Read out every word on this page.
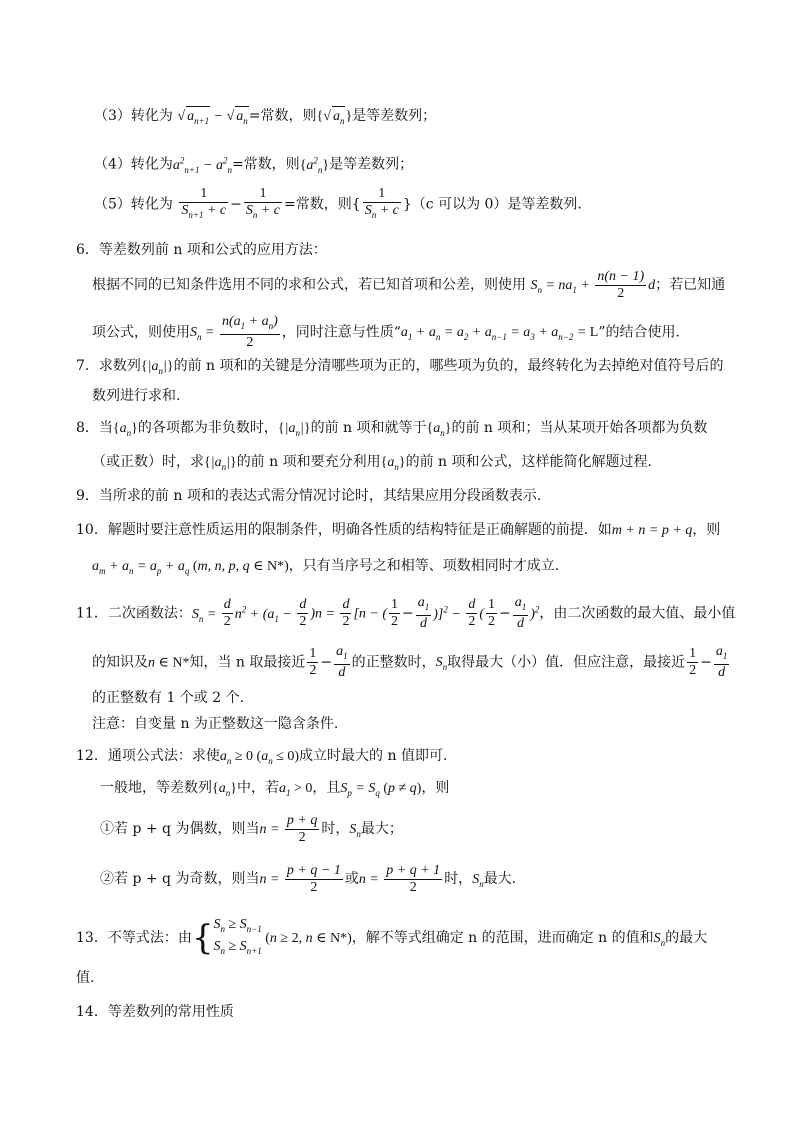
（3）转化为 √ $a_{n+1}$ − √ $a_n=$常数，则{√ $a_n$}是等差数列；
（4）转化为$a^2_{n+1} - a^2_n=$常数，则$\{a^2_n\}$是等差数列；
（5）转化为 $\frac{1}{S_{n+1} + c} - \frac{1}{S_n + c}$ =常数，则{ $\frac{1}{S_n + c} \}(c$ 可以为 0）是等差数列.
6．等差数列前 n 项和公式的应用方法：
根据不同的已知条件选用不同的求和公式，若已知首项和公差，则使用 $S_n = na_1 + \frac{n(n - 1)}{2}$ d；若已知通
项公式，则使用$S_n = \frac{n(a_1 + a_n)}{2}$ ，同时注意与性质“$a_1 + a_n = a_2 + a_{n-1} = a_3 + a_{n-2} = L$”的结合使用.
7．求数列$\{|a_n|\}$的前 n 项和的关键是分清哪些项为正的，哪些项为负的，最终转化为去掉绝对值符号后的
数列进行求和.
8．当$\{a_n\}$的各项都为非负数时，$\{|a_n|\}$的前 n 项和就等于$\{a_n\}$的前 n 项和；当从某项开始各项都为负数
（或正数）时，求$\{|a_n|\}$的前 n 项和要充分利用$\{a_n\}$的前 n 项和公式，这样能简化解题过程.
9．当所求的前 n 项和的表达式需分情况讨论时，其结果应用分段函数表示.
10．解题时要注意性质运用的限制条件，明确各性质的结构特征是正确解题的前提．如m + n = p + q，则
$a_m + a_n = a_p + a_q$ (m, n, p, q ∈ N*)，只有当序号之和相等、项数相同时才成立.
11．二次函数法：$S_n = \frac{d}{2} n^2 + (a_1 - \frac{d}{2} )n = \frac{d}{2} [n$ − ( $\frac{1}{2} - \frac{a_1}{d} )]^2 - \frac{d}{2}$ ( $\frac{1}{2} - \frac{a_1}{d} )^2$，由二次函数的最大值、最小值
的知识及n ∈ N*知，当 n 取最接近 $\frac{1}{2} - \frac{a_1}{d}$ 的正整数时，$S_n$取得最大（小）值．但应注意，最接近 $\frac{1}{2} - \frac{a_1}{d}$
的正整数有 1 个或 2 个.
注意：自变量 n 为正整数这一隐含条件.
12．通项公式法：求使$a_n \ge 0$ $(a_n \le 0)$成立时最大的 n 值即可.
一般地，等差数列$\{a_n\}$中，若$a_1 > 0$，且$S_p = S_q$ (p ≠ q)，则
①若 p + q 为偶数，则当$n = \frac{p + q}{2}$ 时，$S_n$最大；
②若 p + q 为奇数，则当$n = \frac{p + q - 1}{2}$ 或$n = \frac{p + q + 1}{2}$ 时，$S_n$最大.
13．不等式法：由{$S_n \ge S_{n-1}$
$S_n \ge S_{n+1}$ (n ≥ 2, n ∈ N*)，解不等式组确定 n 的范围，进而确定 n 的值和$S_n$的最大
值.
14．等差数列的常用性质
